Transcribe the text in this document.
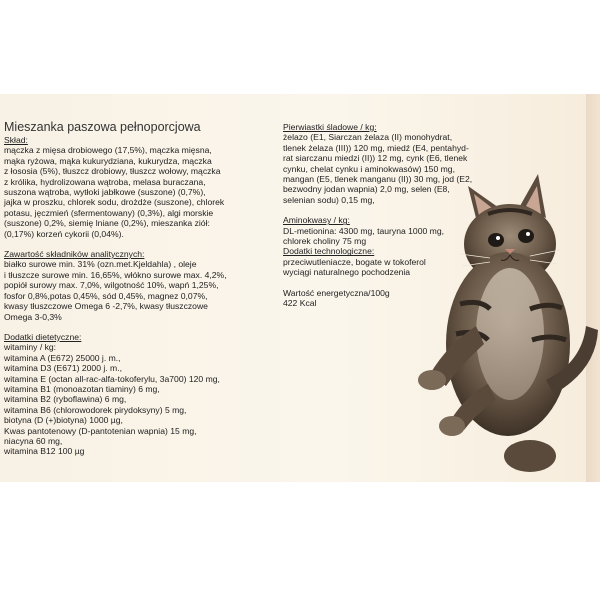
Mieszanka paszowa pełnoporcjowa
Skład:
mączka z mięsa drobiowego (17,5%), mączka mięsna,
mąka ryżowa, mąka kukurydziana, kukurydza, mączka
z łososia (5%), tłuszcz drobiowy, tłuszcz wołowy, mączka
z królika, hydrolizowana wątroba, melasa buraczana,
suszona wątroba, wytłoki jabłkowe (suszone) (0,7%),
jajka w proszku, chlorek sodu, drożdże (suszone), chlorek
potasu, jęczmień (sfermentowany) (0,3%), algi morskie
(suszone) 0,2%, siemię lniane (0,2%), mieszanka ziół:
(0,17%) korzeń cykorii (0,04%).
Zawartość składników analitycznych:
białko surowe min. 31% (ozn.met.Kjeldahla) , oleje
i tłuszcze surowe min. 16,65%, włókno surowe max. 4,2%,
popiół surowy max. 7,0%, wilgotność 10%, wapń 1,25%,
fosfor 0,8%,potas 0,45%, sód 0,45%, magnez 0,07%,
kwasy tłuszczowe Omega 6 -2,7%, kwasy tłuszczowe
Omega 3-0,3%
Dodatki dietetyczne:
witaminy / kg:
witamina A (E672) 25000 j. m.,
witamina D3 (E671) 2000 j. m.,
witamina E (octan all-rac-alfa-tokoferylu, 3a700) 120 mg,
witamina B1 (monoazotan tiaminy) 6 mg,
witamina B2 (ryboflawina) 6 mg,
witamina B6 (chlorowodorek pirydoksyny) 5 mg,
biotyna (D (+)biotyna) 1000 µg,
Kwas pantotenowy (D-pantotenian wapnia) 15 mg,
niacyna 60 mg,
witamina B12 100 µg
Pierwiastki śladowe / kg:
żelazo (E1, Siarczan żelaza (II) monohydrat,
tlenek żelaza (III)) 120 mg, miedź (E4, pentahyd-
rat siarczanu miedzi (II)) 12 mg, cynk (E6, tlenek
cynku, chelat cynku i aminokwasów) 150 mg,
mangan (E5, tlenek manganu (II)) 30 mg, jod (E2,
bezwodny jodan wapnia) 2,0 mg, selen (E8,
selenian sodu) 0,15 mg,
Aminokwasy / kg:
DL-metionina: 4300 mg, tauryna 1000 mg,
chlorek choliny 75 mg
Dodatki technologiczne:
przeciwutleniacze, bogate w tokoferol
wyciągi naturalnego pochodzenia
Wartość energetyczna/100g
422 Kcal
